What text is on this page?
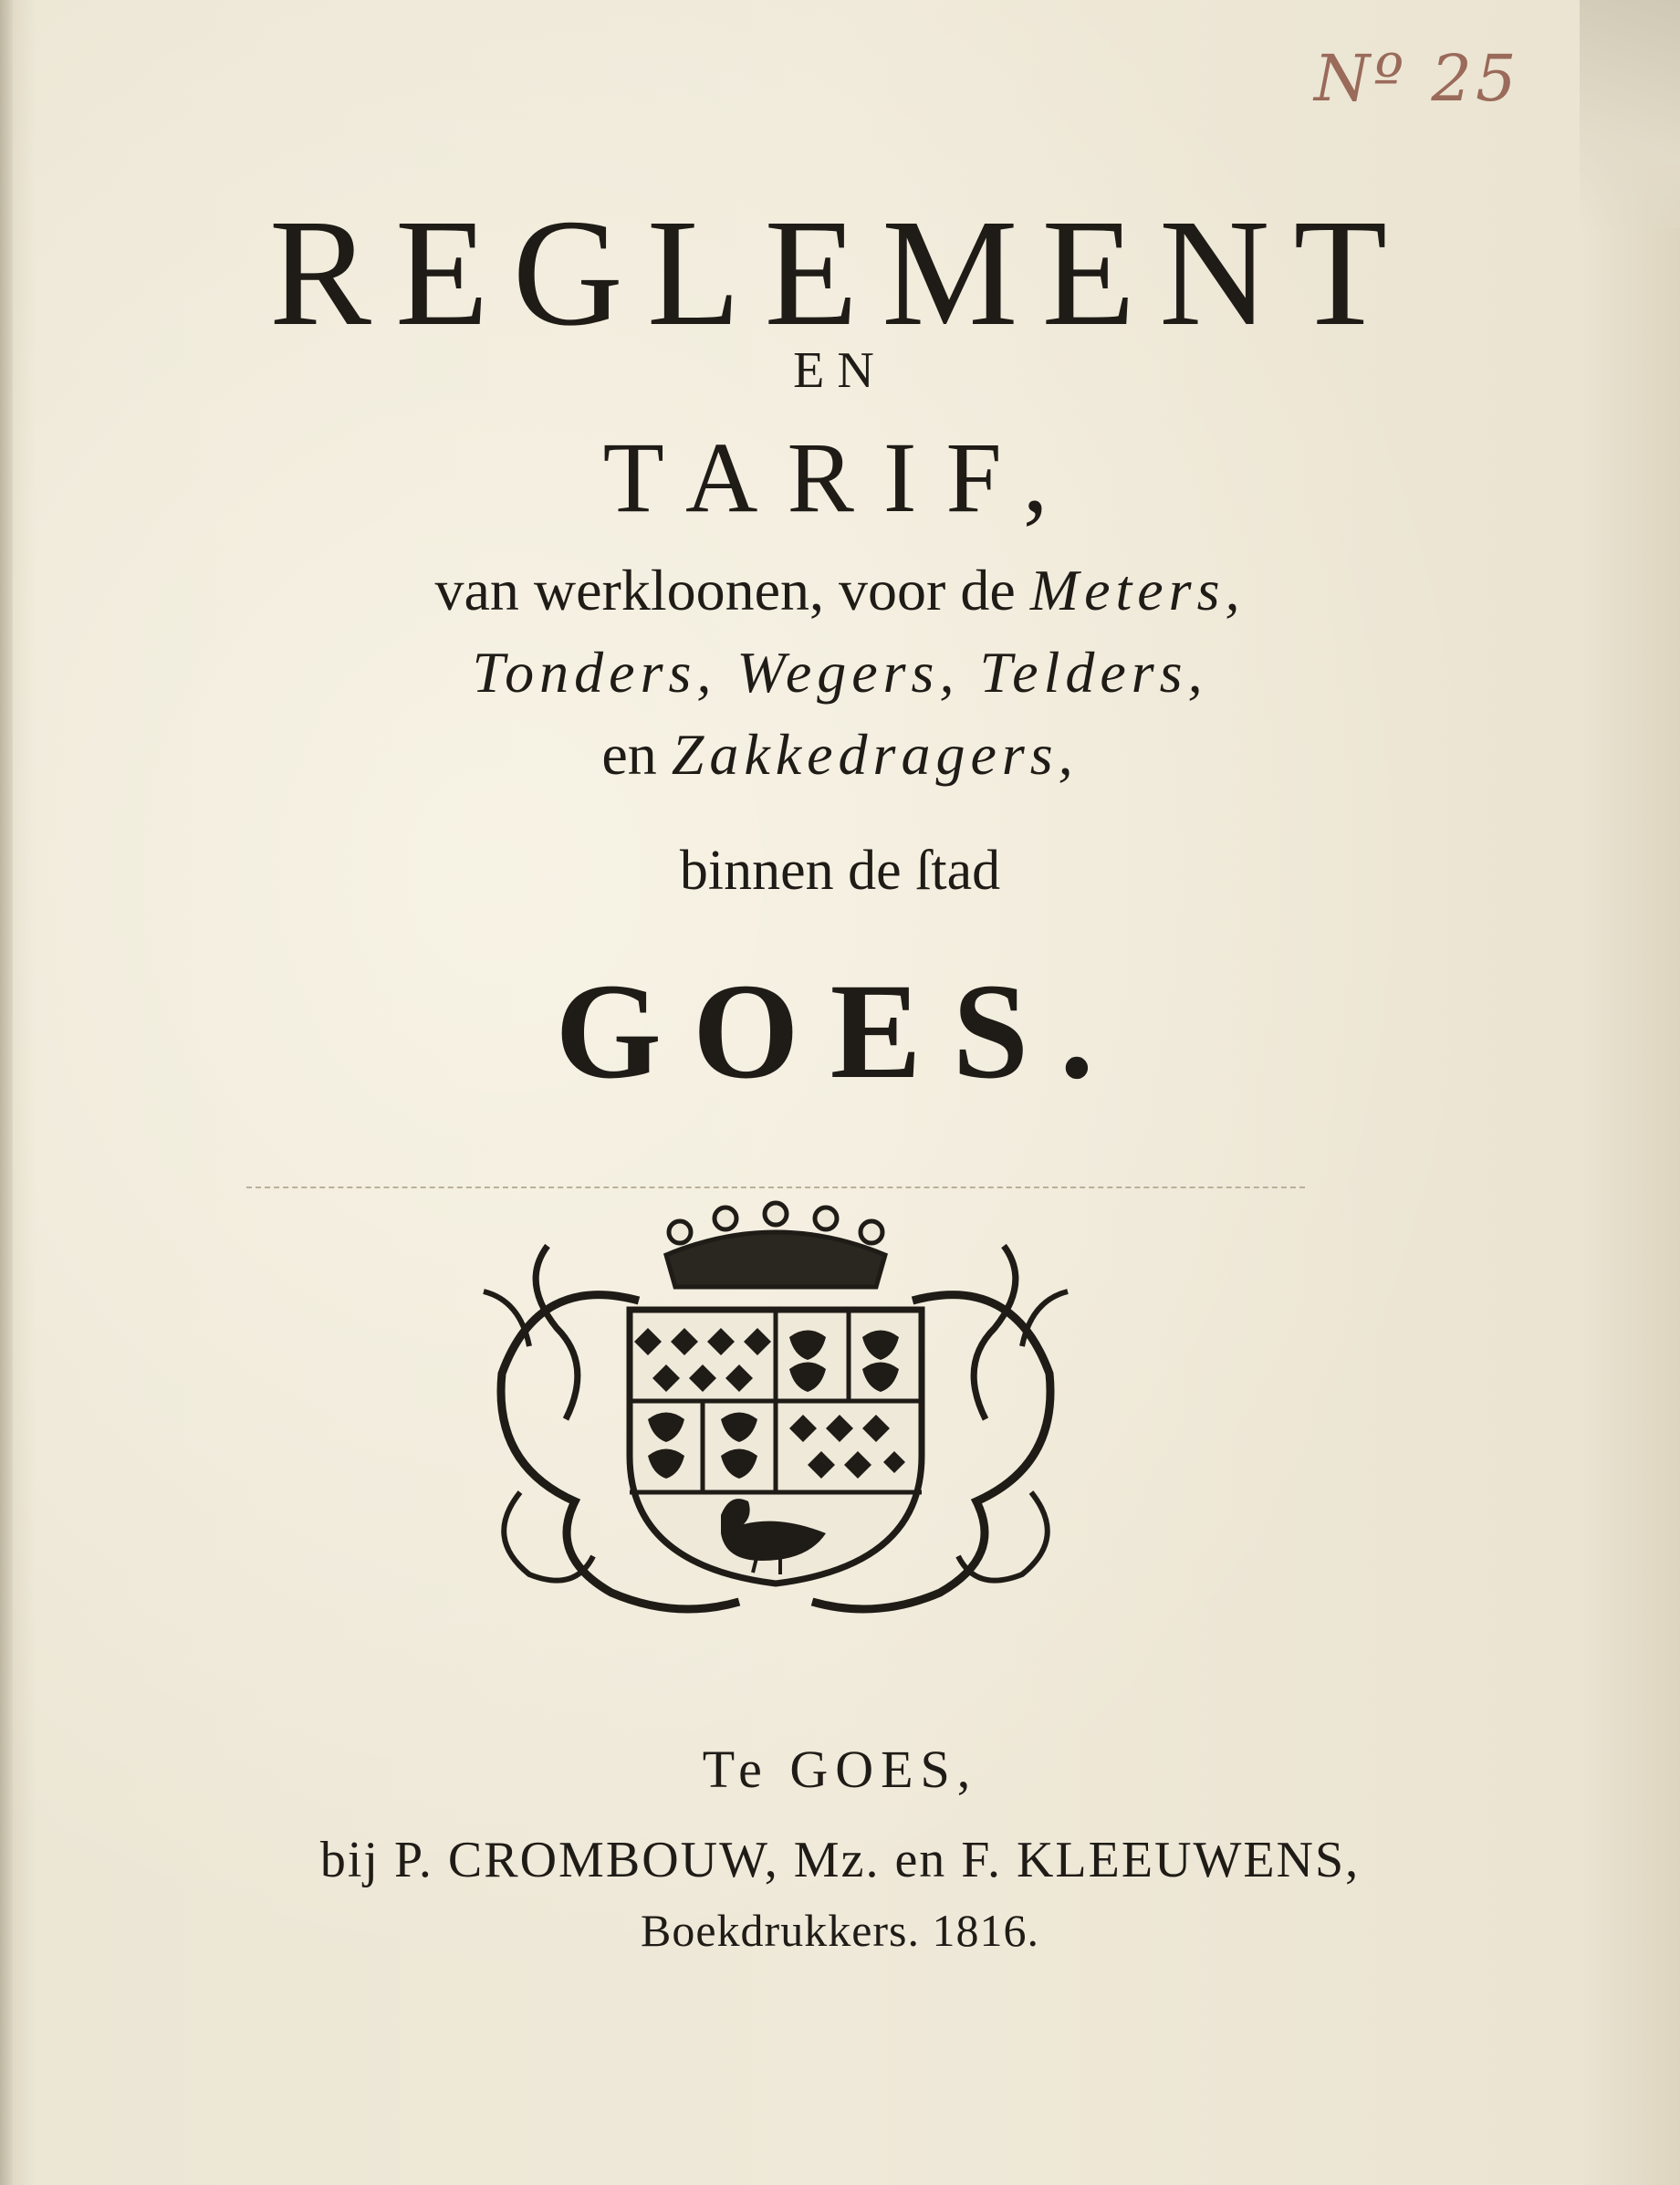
Nº 25
REGLEMENT
EN
TARIF,
van werkloonen, voor de Meters,
Tonders, Wegers, Telders,
en Zakkedragers,
binnen de ſtad
GOES.
Te GOES,
bij P. CROMBOUW, Mz. en F. KLEEUWENS,
Boekdrukkers. 1816.
